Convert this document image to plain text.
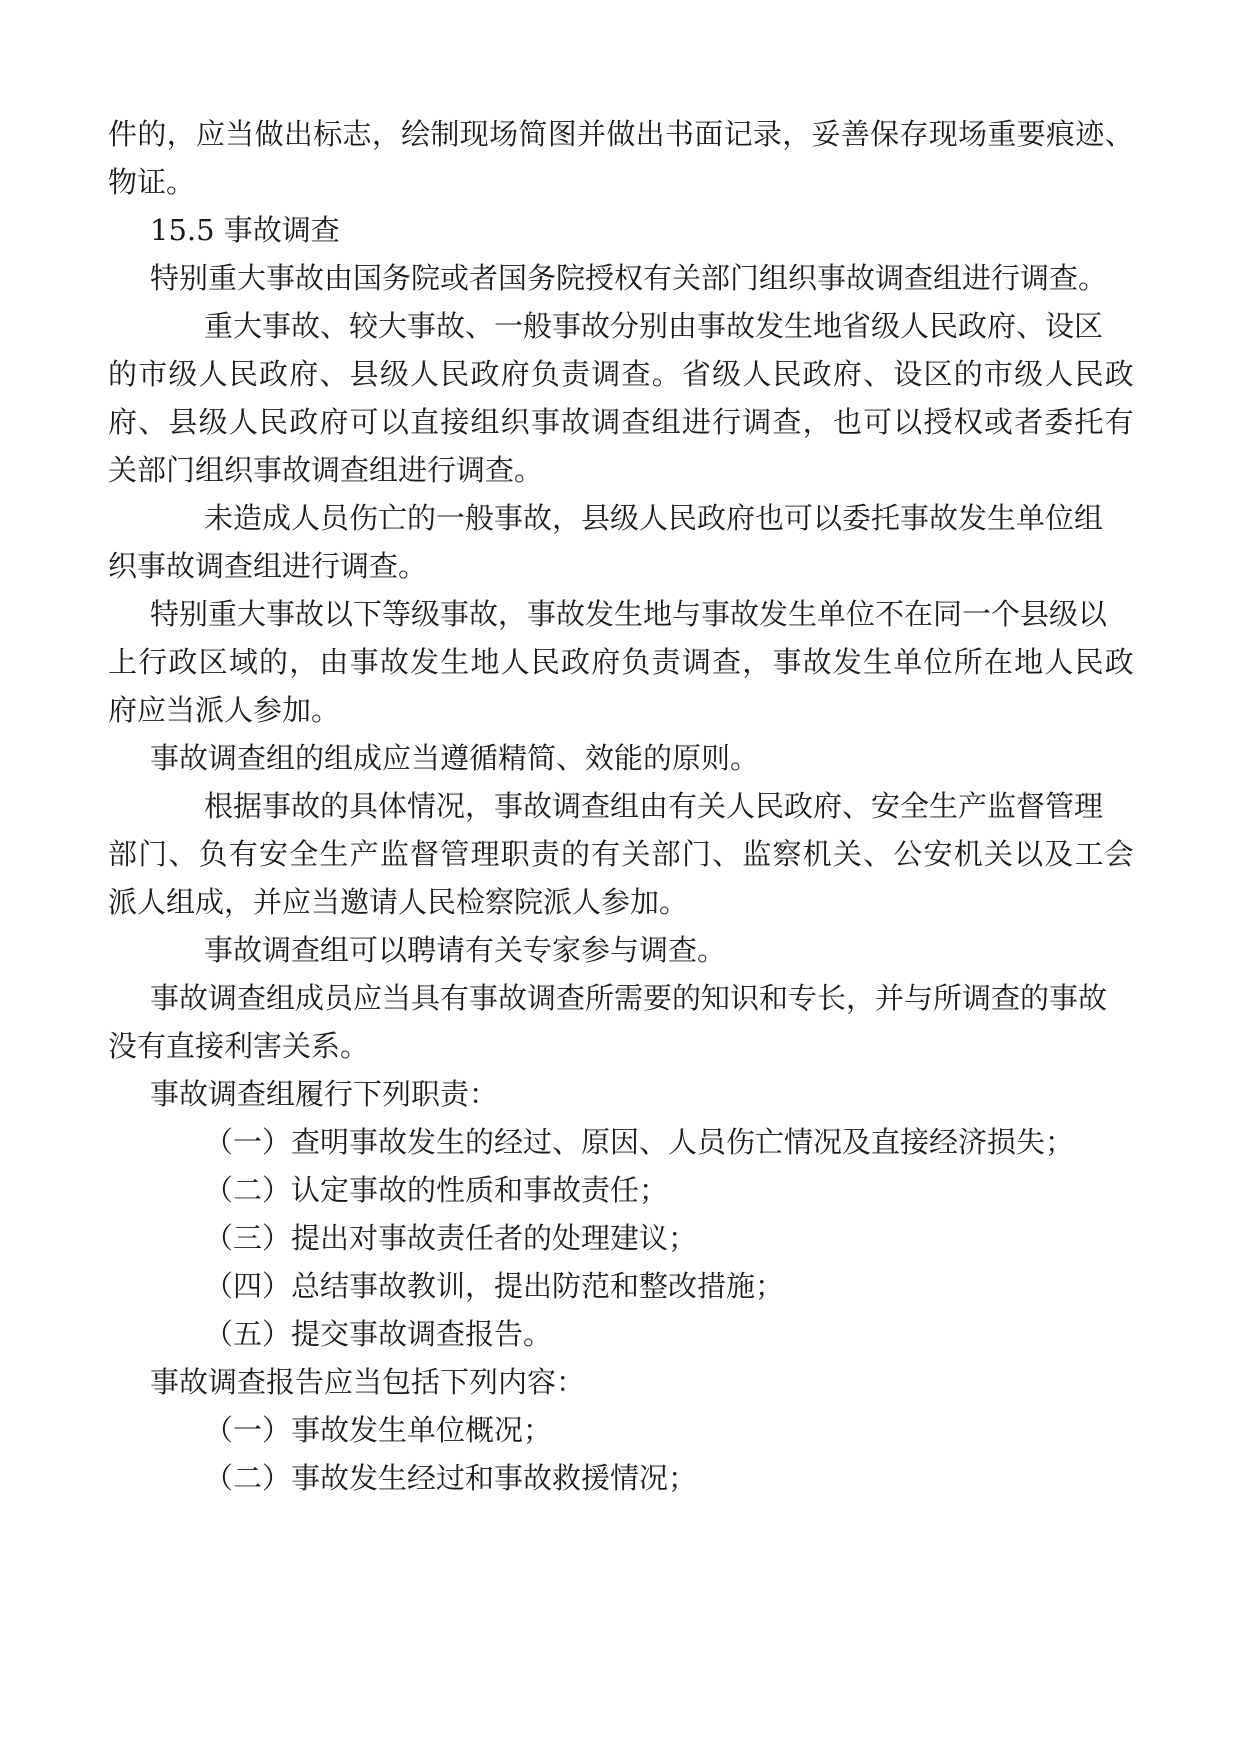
件 的 ， 应 当 做 出 标 志 ， 绘 制 现 场 简 图 并 做 出 书 面 记 录 ， 妥 善 保 存 现 场 重 要 痕 迹 、

物证。

15.5 事故调查

特别重大事故由国务院或者国务院授权有关部门组织事故调查组进行调查。

重大事故、较大事故、一般事故分别由事故发生地省级人民政府、设区

的 市 级 人 民 政 府 、 县 级 人 民 政 府 负 责 调 查 。 省 级 人 民 政 府 、 设 区 的 市 级 人 民 政

府 、 县 级 人 民 政 府 可 以 直 接 组 织 事 故 调 查 组 进 行 调 查 ， 也 可 以 授 权 或 者 委 托 有

关部门组织事故调查组进行调查。

未造成人员伤亡的一般事故，县级人民政府也可以委托事故发生单位组

织事故调查组进行调查。

特别重大事故以下等级事故，事故发生地与事故发生单位不在同一个县级以

上 行 政 区 域 的 ， 由 事 故 发 生 地 人 民 政 府 负 责 调 查 ， 事 故 发 生 单 位 所 在 地 人 民 政

府应当派人参加。

事故调查组的组成应当遵循精简、效能的原则。

根据事故的具体情况，事故调查组由有关人民政府、安全生产监督管理

部 门 、 负 有 安 全 生 产 监 督 管 理 职 责 的 有 关 部 门 、 监 察 机 关 、 公 安 机 关 以 及 工 会

派人组成，并应当邀请人民检察院派人参加。

事故调查组可以聘请有关专家参与调查。

事故调查组成员应当具有事故调查所需要的知识和专长，并与所调查的事故

没有直接利害关系。

事故调查组履行下列职责：

（一）查明事故发生的经过、原因、人员伤亡情况及直接经济损失；

（二）认定事故的性质和事故责任；

（三）提出对事故责任者的处理建议；

（四）总结事故教训，提出防范和整改措施；

（五）提交事故调查报告。

事故调查报告应当包括下列内容：

（一）事故发生单位概况；

（二）事故发生经过和事故救援情况；
